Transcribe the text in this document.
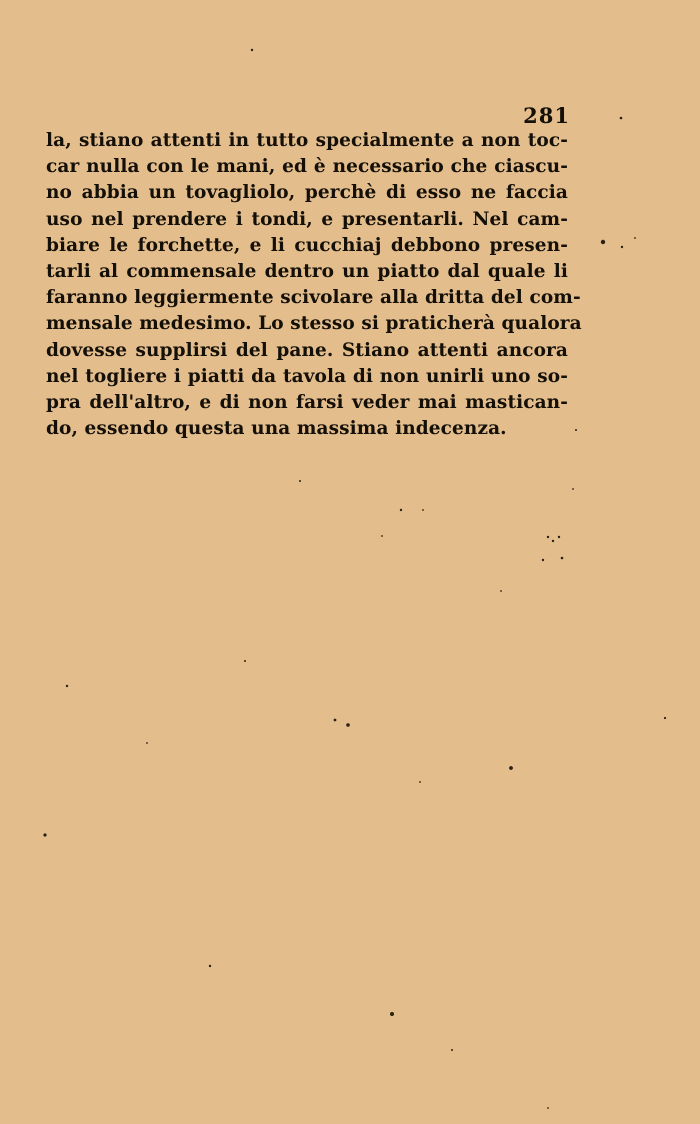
281
la, stiano attenti in tutto specialmente a non toc-
car nulla con le mani, ed è necessario che ciascu-
no abbia un tovagliolo, perchè di esso ne faccia
uso nel prendere i tondi, e presentarli. Nel cam-
biare le forchette, e li cucchiaj debbono presen-
tarli al commensale dentro un piatto dal quale li
faranno leggiermente scivolare alla dritta del com-
mensale medesimo. Lo stesso si praticherà qualora
dovesse supplirsi del pane. Stiano attenti ancora
nel togliere i piatti da tavola di non unirli uno so-
pra dell'altro, e di non farsi veder mai mastican-
do, essendo questa una massima indecenza.
